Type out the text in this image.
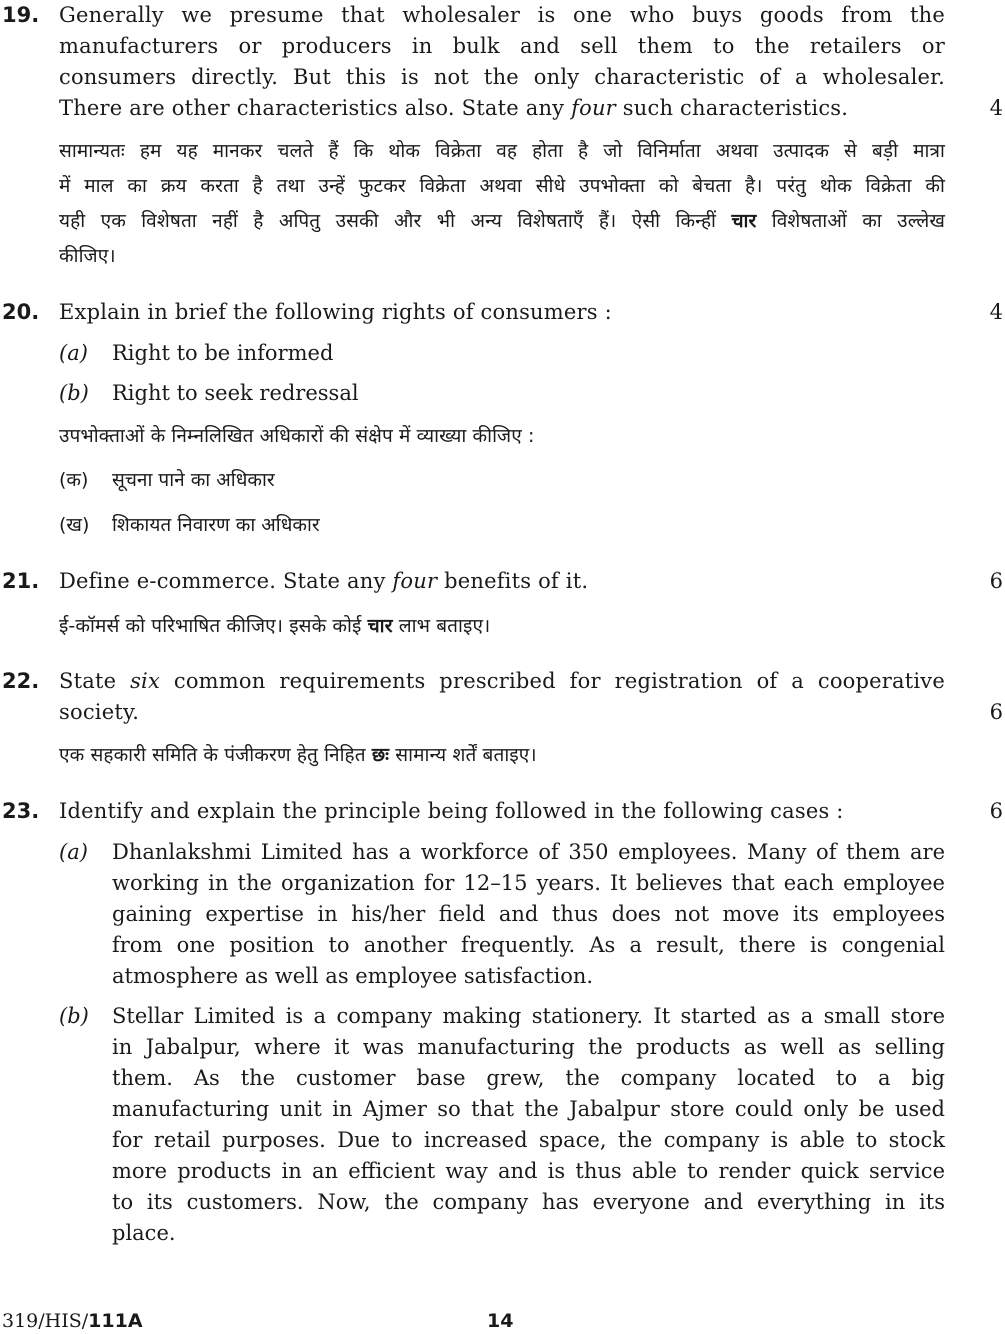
19. Generally we presume that wholesaler is one who buys goods from the
manufacturers or producers in bulk and sell them to the retailers or
consumers directly. But this is not the only characteristic of a wholesaler.
There are other characteristics also. State any four such characteristics.	4
सामान्यतः हम यह मानकर चलते हैं कि थोक विक्रेता वह होता है जो विनिर्माता अथवा उत्पादक से बड़ी मात्रा
में माल का क्रय करता है तथा उन्हें फुटकर विक्रेता अथवा सीधे उपभोक्ता को बेचता है। परंतु थोक विक्रेता की
यही एक विशेषता नहीं है अपितु उसकी और भी अन्य विशेषताएँ हैं। ऐसी किन्हीं चार विशेषताओं का उल्लेख
कीजिए।
20. Explain in brief the following rights of consumers :	4
(a) Right to be informed
(b) Right to seek redressal
उपभोक्ताओं के निम्नलिखित अधिकारों की संक्षेप में व्याख्या कीजिए :
(क) सूचना पाने का अधिकार
(ख) शिकायत निवारण का अधिकार
21. Define e-commerce. State any four benefits of it.	6
ई-कॉमर्स को परिभाषित कीजिए। इसके कोई चार लाभ बताइए।
22. State six common requirements prescribed for registration of a cooperative
society.	6
एक सहकारी समिति के पंजीकरण हेतु निहित छः सामान्य शर्तें बताइए।
23. Identify and explain the principle being followed in the following cases :	6
(a) Dhanlakshmi Limited has a workforce of 350 employees. Many of them are
working in the organization for 12–15 years. It believes that each employee
gaining expertise in his/her field and thus does not move its employees
from one position to another frequently. As a result, there is congenial
atmosphere as well as employee satisfaction.
(b) Stellar Limited is a company making stationery. It started as a small store
in Jabalpur, where it was manufacturing the products as well as selling
them. As the customer base grew, the company located to a big
manufacturing unit in Ajmer so that the Jabalpur store could only be used
for retail purposes. Due to increased space, the company is able to stock
more products in an efficient way and is thus able to render quick service
to its customers. Now, the company has everyone and everything in its
place.
319/HIS/111A	14
